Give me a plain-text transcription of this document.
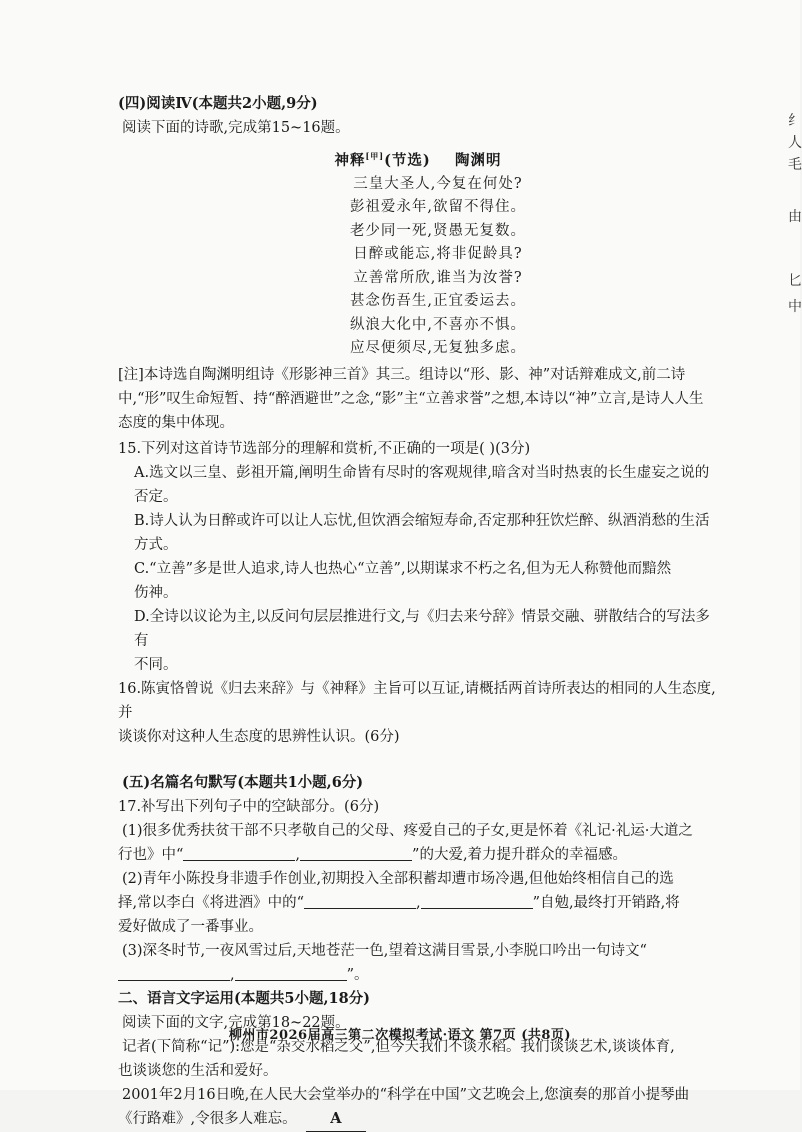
(四)阅读Ⅳ(本题共2小题,9分)
阅读下面的诗歌,完成第15~16题。
神释[甲](节选) 陶渊明
三皇大圣人,今复在何处?
彭祖爱永年,欲留不得住。
老少同一死,贤愚无复数。
日醉或能忘,将非促龄具?
立善常所欣,谁当为汝誉?
甚念伤吾生,正宜委运去。
纵浪大化中,不喜亦不惧。
应尽便须尽,无复独多虑。
[注]本诗选自陶渊明组诗《形影神三首》其三。组诗以“形、影、神”对话辩难成文,前二诗中,“形”叹生命短暂、持“醉酒避世”之念,“影”主“立善求誉”之想,本诗以“神”立言,是诗人人生态度的集中体现。
15.下列对这首诗节选部分的理解和赏析,不正确的一项是( )(3分)
A.选文以三皇、彭祖开篇,阐明生命皆有尽时的客观规律,暗含对当时热衷的长生虚妄之说的
否定。
B.诗人认为日醉或许可以让人忘忧,但饮酒会缩短寿命,否定那种狂饮烂醉、纵酒消愁的生活
方式。
C.“立善”多是世人追求,诗人也热心“立善”,以期谋求不朽之名,但为无人称赞他而黯然
伤神。
D.全诗以议论为主,以反问句层层推进行文,与《归去来兮辞》情景交融、骈散结合的写法多有
不同。
16.陈寅恪曾说《归去来辞》与《神释》主旨可以互证,请概括两首诗所表达的相同的人生态度,并
谈谈你对这种人生态度的思辨性认识。(6分)
(五)名篇名句默写(本题共1小题,6分)
17.补写出下列句子中的空缺部分。(6分)
(1)很多优秀扶贫干部不只孝敬自己的父母、疼爱自己的子女,更是怀着《礼记·礼运·大道之
行也》中“	,	”的大爱,着力提升群众的幸福感。
(2)青年小陈投身非遗手作创业,初期投入全部积蓄却遭市场冷遇,但他始终相信自己的选
择,常以李白《将进酒》中的“	,	”自勉,最终打开销路,将
爱好做成了一番事业。
(3)深冬时节,一夜风雪过后,天地苍茫一色,望着这满目雪景,小李脱口吟出一句诗文“
,	”。
二、语言文字运用(本题共5小题,18分)
阅读下面的文字,完成第18~22题。
记者(下简称“记”):您是“杂交水稻之父”,但今天我们不谈水稻。我们谈谈艺术,谈谈体育,
也谈谈您的生活和爱好。
2001年2月16日晚,在人民大会堂举办的“科学在中国”文艺晚会上,您演奏的那首小提琴曲
《行路难》,令很多人难忘。 A
柳州市2026届高三第二次模拟考试·语文 第7页 (共8页)
纟
人
毛
由
匕
中
